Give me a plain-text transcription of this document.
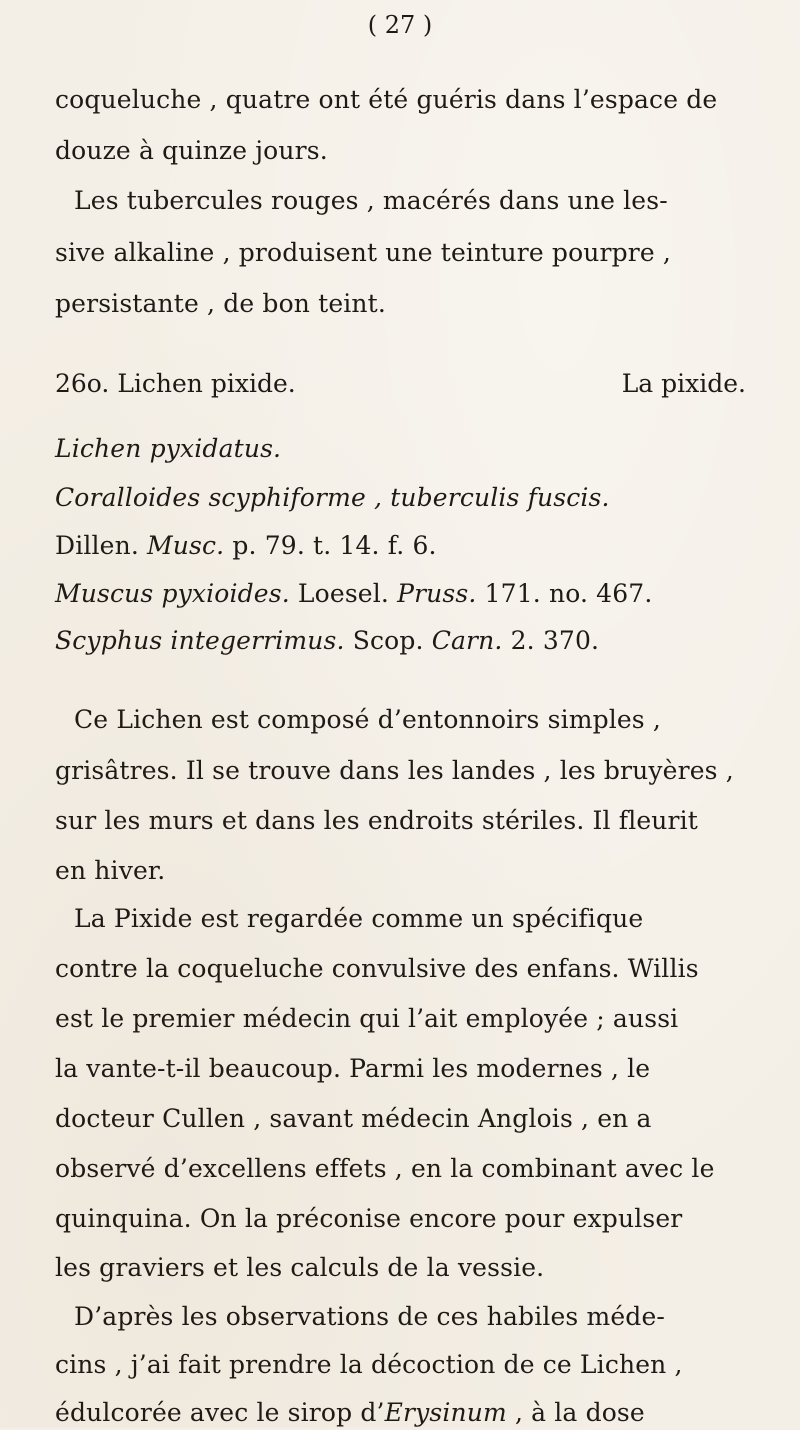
( 27 )
coqueluche , quatre ont été guéris dans l’espace de
douze à quinze jours.
Les tubercules rouges , macérés dans une les-
sive alkaline , produisent une teinture pourpre ,
persistante , de bon teint.
26o. Lichen pixide.	La pixide.
Lichen pyxidatus.
Coralloides scyphiforme , tuberculis fuscis.
Dillen. Musc. p. 79. t. 14. f. 6.
Muscus pyxioides. Loesel. Pruss. 171. no. 467.
Scyphus integerrimus. Scop. Carn. 2. 370.
Ce Lichen est composé d’entonnoirs simples ,
grisâtres. Il se trouve dans les landes , les bruyères ,
sur les murs et dans les endroits stériles. Il fleurit
en hiver.
La Pixide est regardée comme un spécifique
contre la coqueluche convulsive des enfans. Willis
est le premier médecin qui l’ait employée ; aussi
la vante-t-il beaucoup. Parmi les modernes , le
docteur Cullen , savant médecin Anglois , en a
observé d’excellens effets , en la combinant avec le
quinquina. On la préconise encore pour expulser
les graviers et les calculs de la vessie.
D’après les observations de ces habiles méde-
cins , j’ai fait prendre la décoction de ce Lichen ,
édulcorée avec le sirop d’Erysinum , à la dose
